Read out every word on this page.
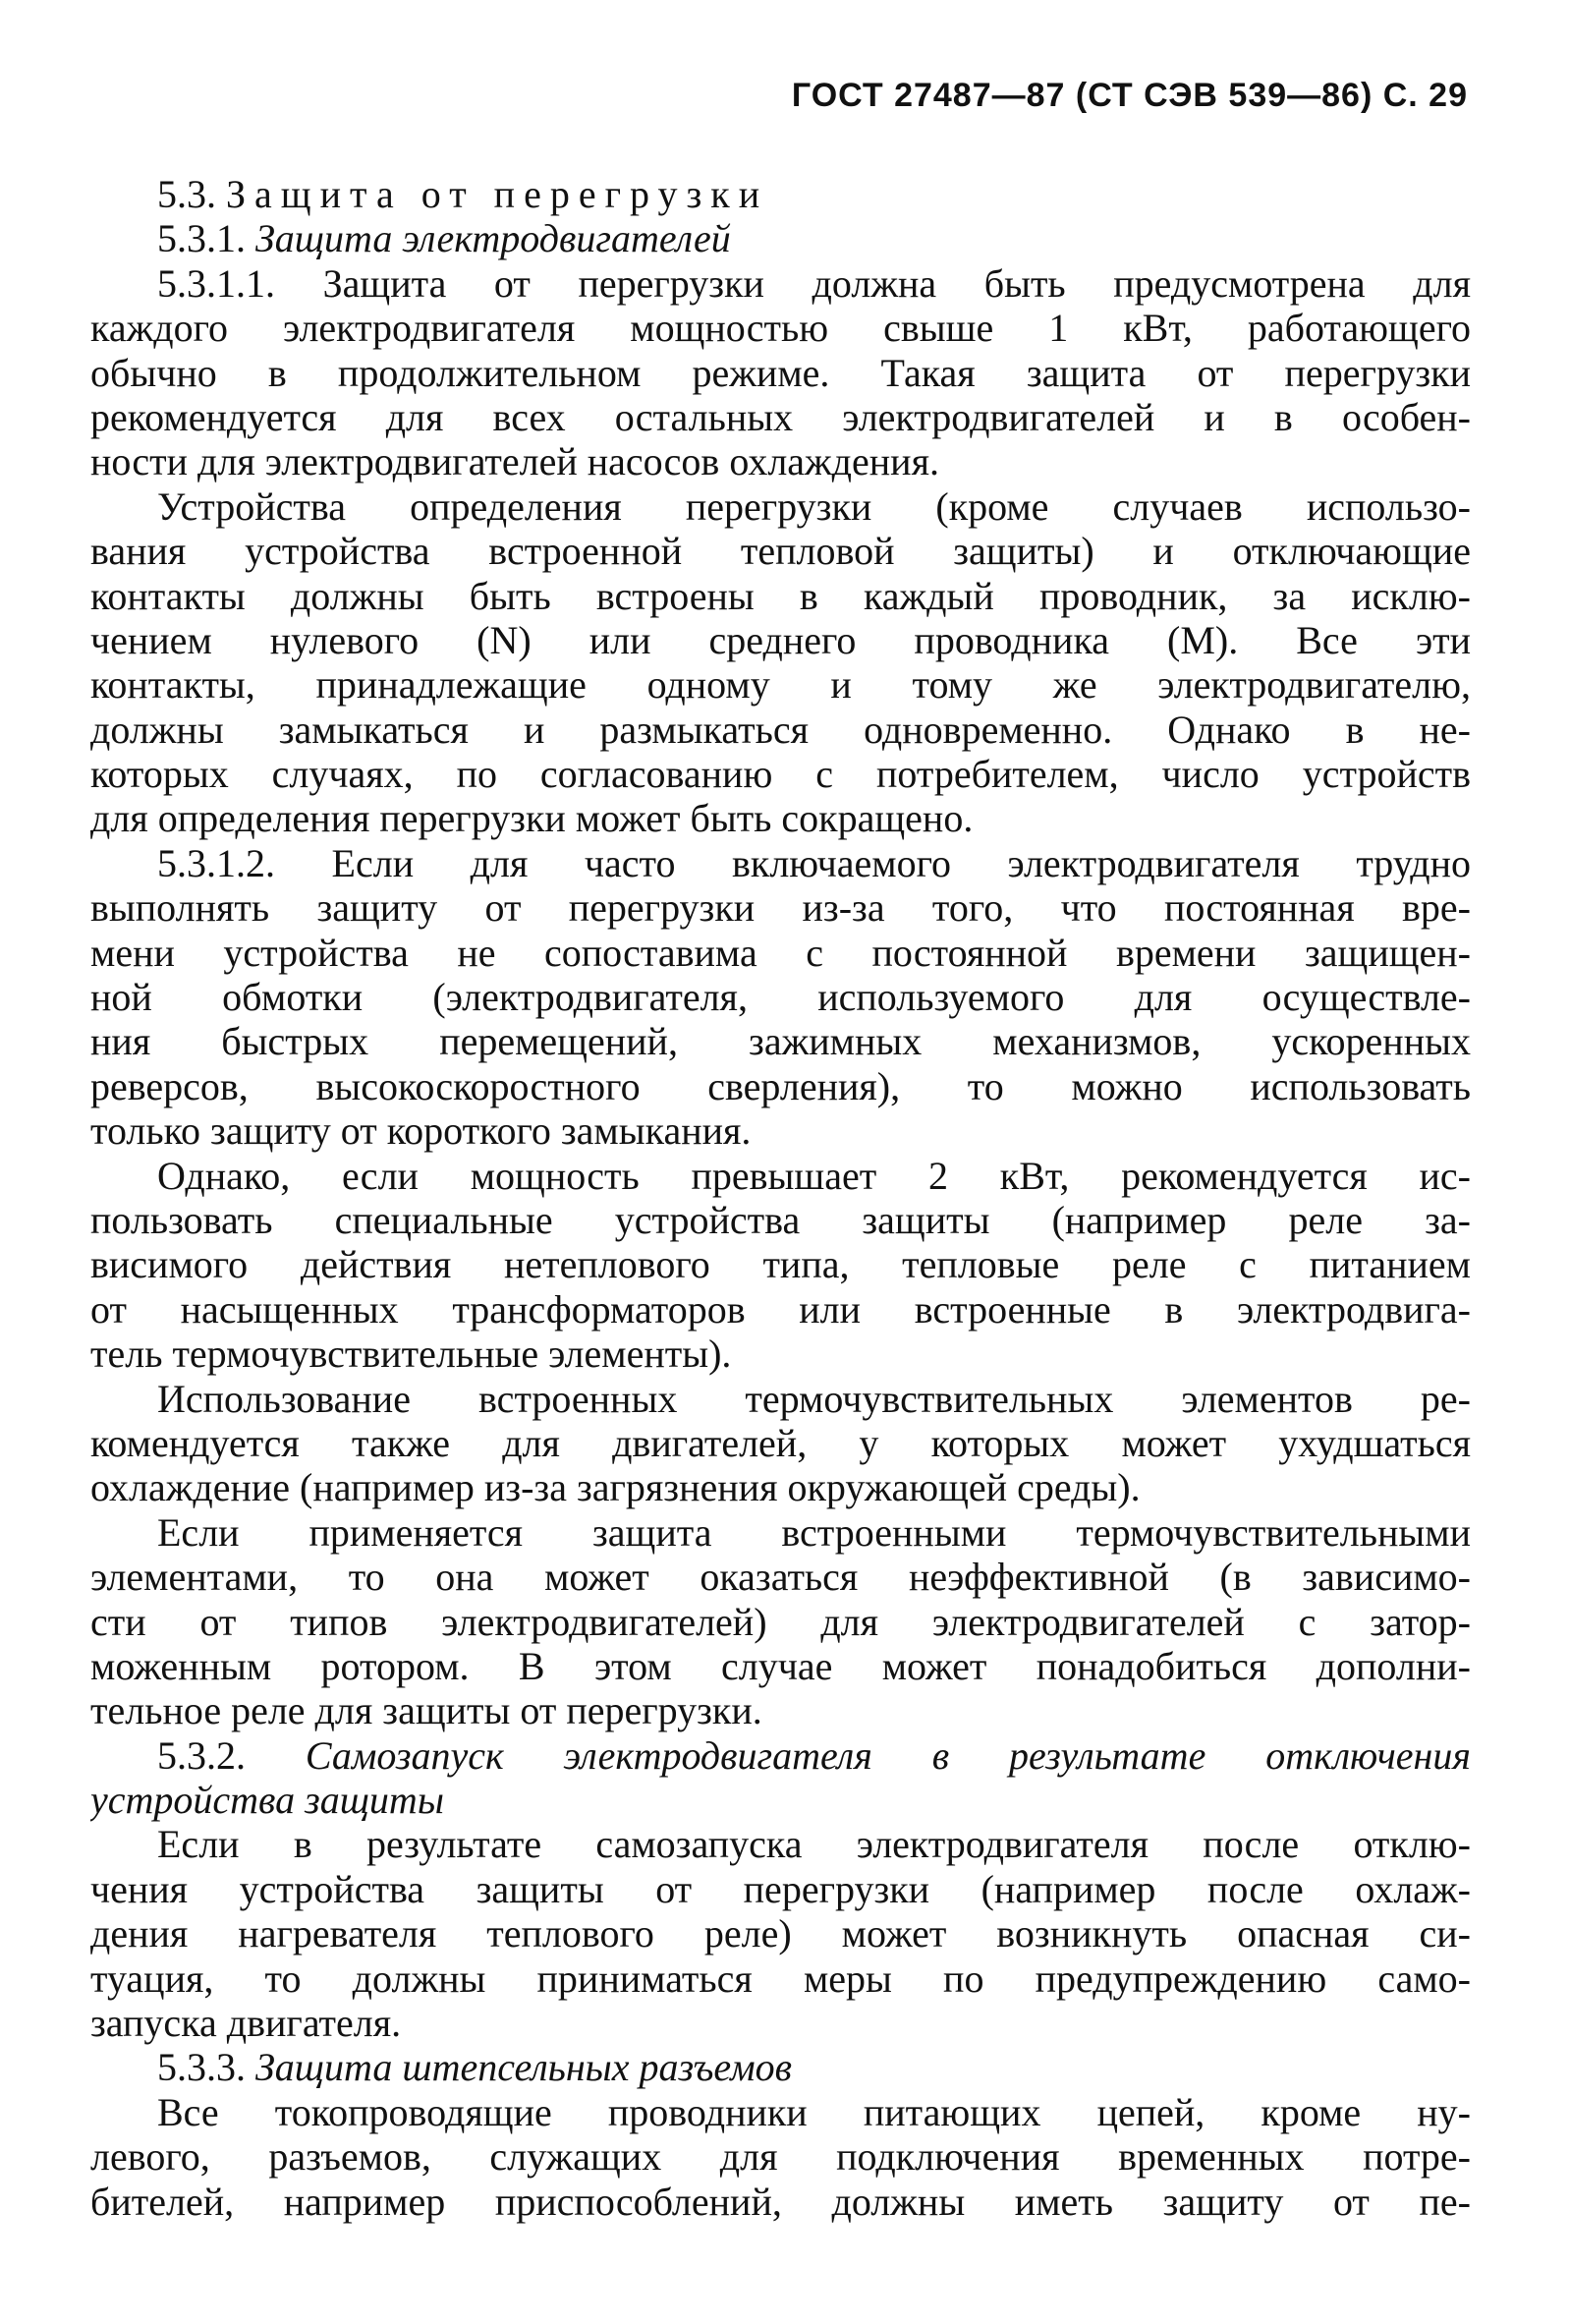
ГОСТ 27487—87 (СТ СЭВ 539—86) С. 29
5.3. Защита от перегрузки
5.3.1. Защита электродвигателей
5.3.1.1. Защита от перегрузки должна быть предусмотрена для
каждого электродвигателя мощностью свыше 1 кВт, работающего
обычно в продолжительном режиме. Такая защита от перегрузки
рекомендуется для всех остальных электродвигателей и в особен-
ности для электродвигателей насосов охлаждения.
Устройства определения перегрузки (кроме случаев использо-
вания устройства встроенной тепловой защиты) и отключающие
контакты должны быть встроены в каждый проводник, за исклю-
чением нулевого (N) или среднего проводника (М). Все эти
контакты, принадлежащие одному и тому же электродвигателю,
должны замыкаться и размыкаться одновременно. Однако в не-
которых случаях, по согласованию с потребителем, число устройств
для определения перегрузки может быть сокращено.
5.3.1.2. Если для часто включаемого электродвигателя трудно
выполнять защиту от перегрузки из-за того, что постоянная вре-
мени устройства не сопоставима с постоянной времени защищен-
ной обмотки (электродвигателя, используемого для осуществле-
ния быстрых перемещений, зажимных механизмов, ускоренных
реверсов, высокоскоростного сверления), то можно использовать
только защиту от короткого замыкания.
Однако, если мощность превышает 2 кВт, рекомендуется ис-
пользовать специальные устройства защиты (например реле за-
висимого действия нетеплового типа, тепловые реле с питанием
от насыщенных трансформаторов или встроенные в электродвига-
тель термочувствительные элементы).
Использование встроенных термочувствительных элементов ре-
комендуется также для двигателей, у которых может ухудшаться
охлаждение (например из-за загрязнения окружающей среды).
Если применяется защита встроенными термочувствительными
элементами, то она может оказаться неэффективной (в зависимо-
сти от типов электродвигателей) для электродвигателей с затор-
моженным ротором. В этом случае может понадобиться дополни-
тельное реле для защиты от перегрузки.
5.3.2. Самозапуск электродвигателя в результате отключения
устройства защиты
Если в результате самозапуска электродвигателя после отклю-
чения устройства защиты от перегрузки (например после охлаж-
дения нагревателя теплового реле) может возникнуть опасная си-
туация, то должны приниматься меры по предупреждению само-
запуска двигателя.
5.3.3. Защита штепсельных разъемов
Все токопроводящие проводники питающих цепей, кроме ну-
левого, разъемов, служащих для подключения временных потре-
бителей, например приспособлений, должны иметь защиту от пе-
